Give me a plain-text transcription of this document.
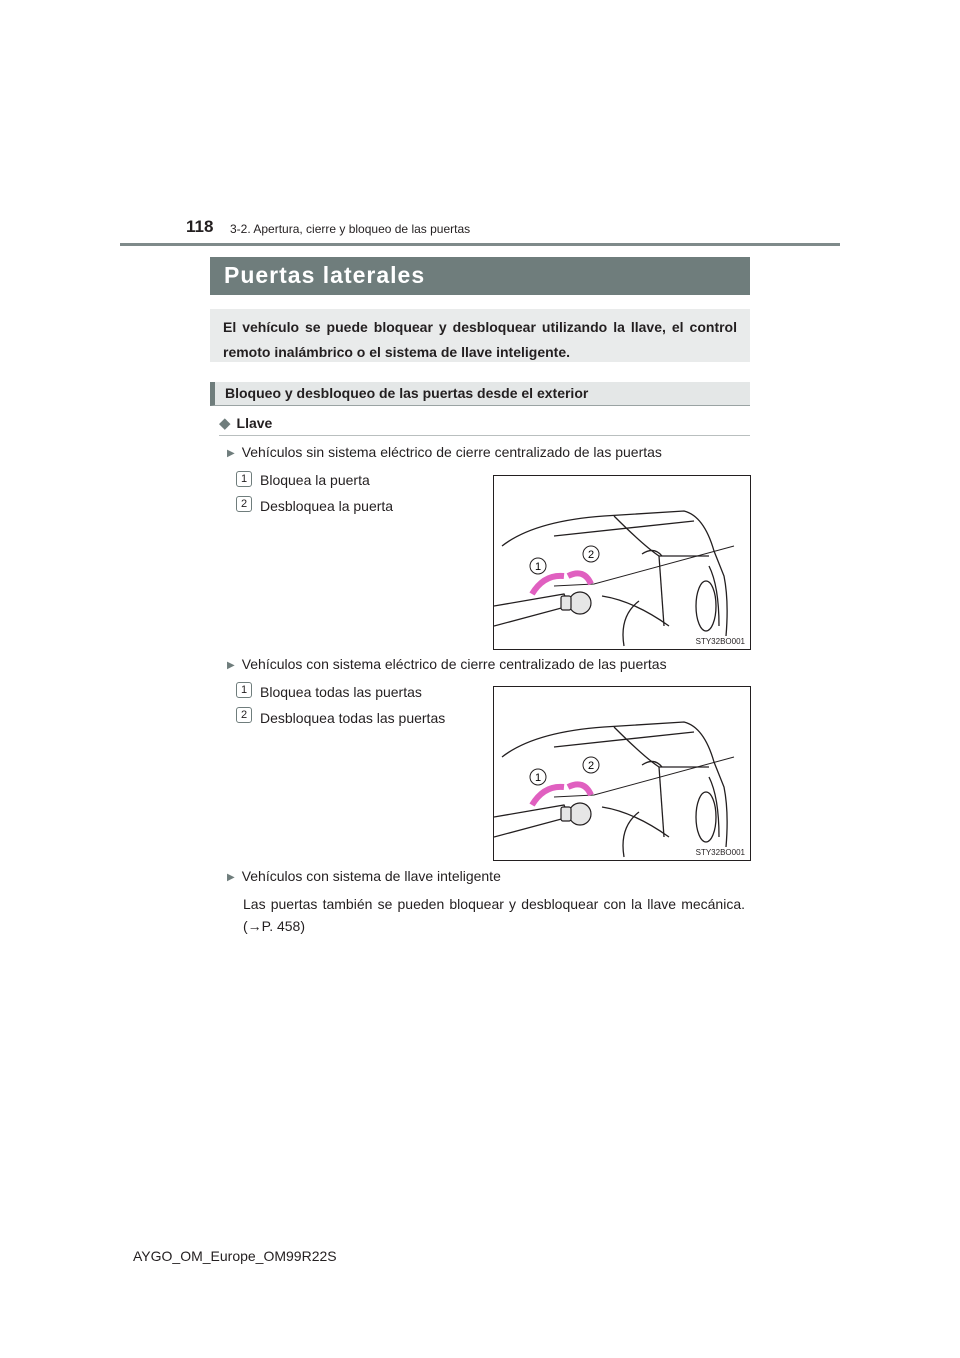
118 3-2. Apertura, cierre y bloqueo de las puertas
Puertas laterales
El vehículo se puede bloquear y desbloquear utilizando la llave, el control remoto inalámbrico o el sistema de llave inteligente.
Bloqueo y desbloqueo de las puertas desde el exterior
◆ Llave
▶ Vehículos sin sistema eléctrico de cierre centralizado de las puertas
1 Bloquea la puerta
2 Desbloquea la puerta
1
2
STY32BO001
▶ Vehículos con sistema eléctrico de cierre centralizado de las puertas
1 Bloquea todas las puertas
2 Desbloquea todas las puertas
1
2
STY32BO001
▶ Vehículos con sistema de llave inteligente
Las puertas también se pueden bloquear y desbloquear con la llave mecánica. (→P. 458)
AYGO_OM_Europe_OM99R22S
